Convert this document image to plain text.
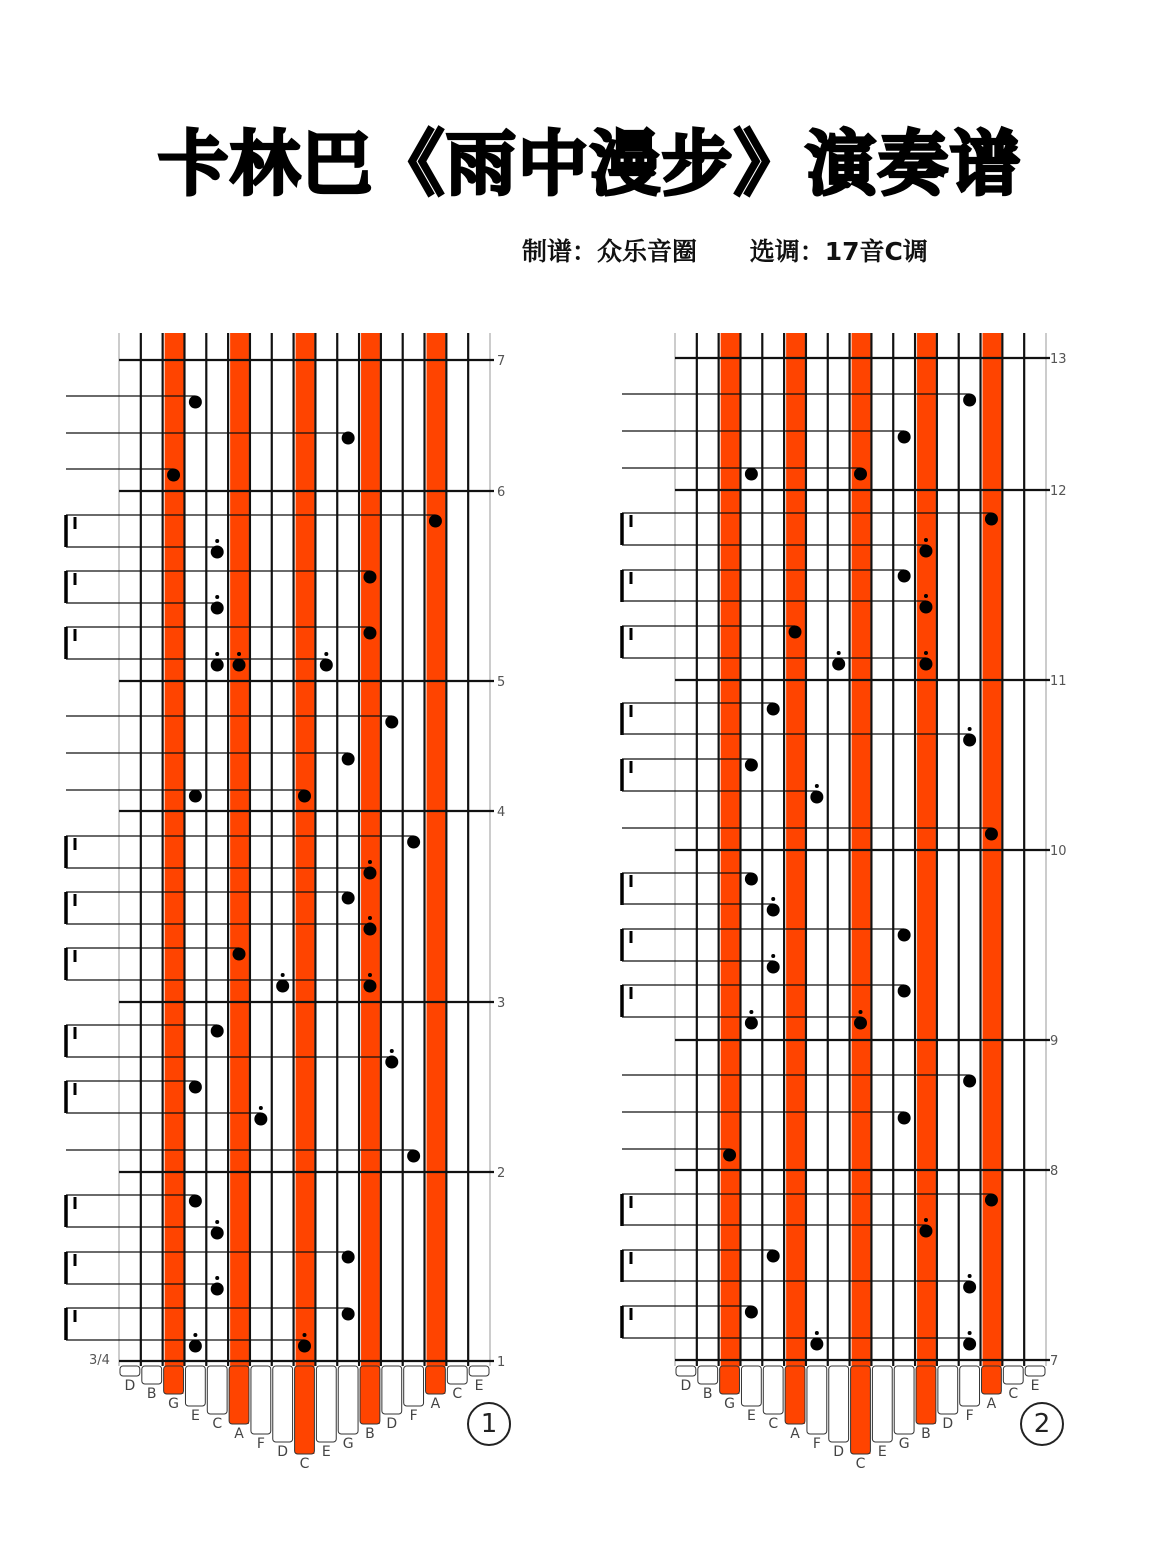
卡林巴《雨中漫步》演奏谱
制谱：众乐音圈 选调：17音C调
7
6
5
4
3
2
1
D B
G
E C
A
F D
C
E G
B
D F
A
C E
3/4
1
13
12
11
10
9
8
7
D B
G
E C
A
F D
C
E G
B
D F
A
C E
2
